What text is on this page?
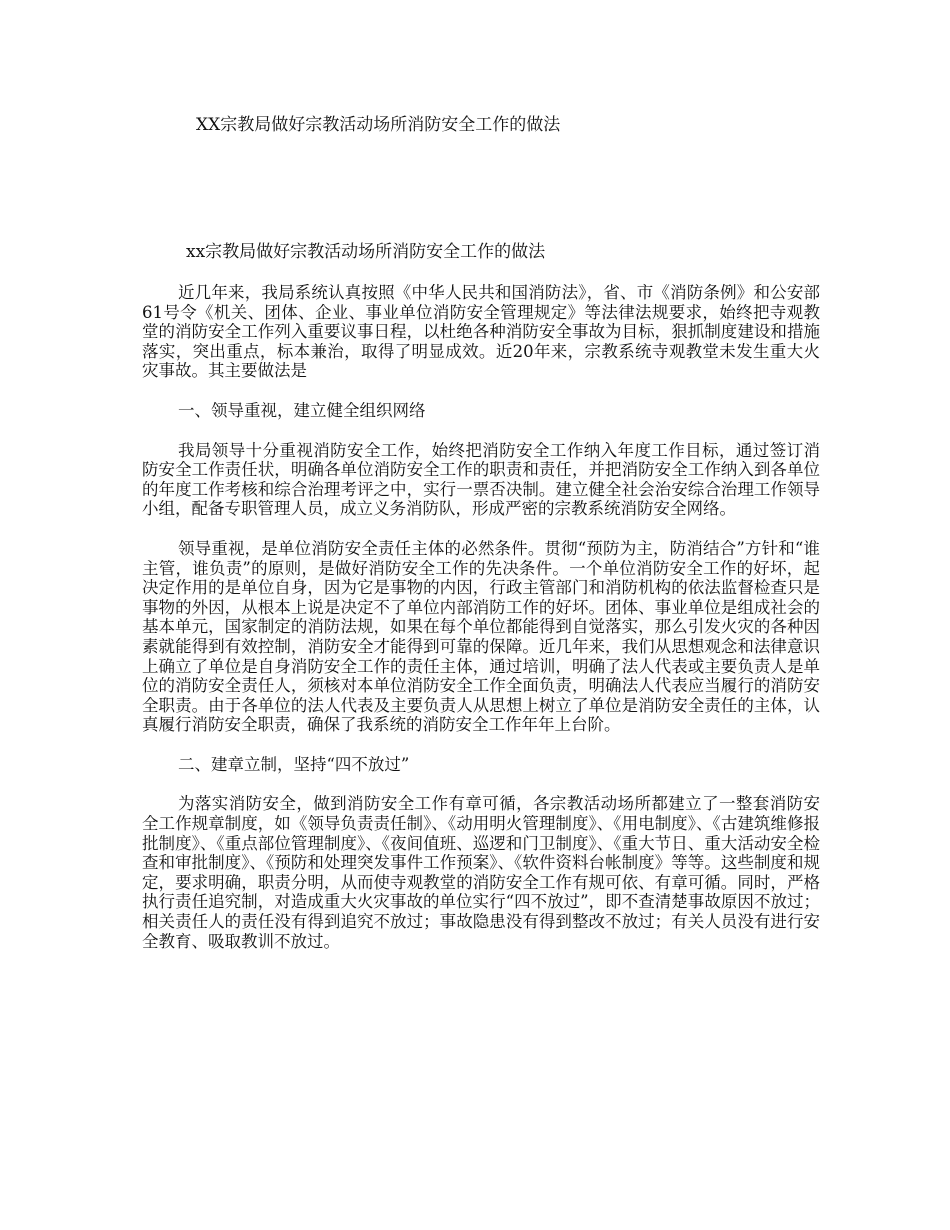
XX宗教局做好宗教活动场所消防安全工作的做法
xx宗教局做好宗教活动场所消防安全工作的做法

近几年来，我局系统认真按照《中华人民共和国消防法》，省、市《消防条例》和公安部61号令《机关、团体、企业、事业单位消防安全管理规定》等法律法规要求，始终把寺观教堂的消防安全工作列入重要议事日程，以杜绝各种消防安全事故为目标，狠抓制度建设和措施落实，突出重点，标本兼治，取得了明显成效。近20年来，宗教系统寺观教堂未发生重大火灾事故。其主要做法是

一、领导重视，建立健全组织网络

我局领导十分重视消防安全工作，始终把消防安全工作纳入年度工作目标，通过签订消防安全工作责任状，明确各单位消防安全工作的职责和责任，并把消防安全工作纳入到各单位的年度工作考核和综合治理考评之中，实行一票否决制。建立健全社会治安综合治理工作领导小组，配备专职管理人员，成立义务消防队，形成严密的宗教系统消防安全网络。

领导重视，是单位消防安全责任主体的必然条件。贯彻“预防为主，防消结合”方针和“谁主管，谁负责”的原则，是做好消防安全工作的先决条件。一个单位消防安全工作的好坏，起决定作用的是单位自身，因为它是事物的内因，行政主管部门和消防机构的依法监督检查只是事物的外因，从根本上说是决定不了单位内部消防工作的好坏。团体、事业单位是组成社会的基本单元，国家制定的消防法规，如果在每个单位都能得到自觉落实，那么引发火灾的各种因素就能得到有效控制，消防安全才能得到可靠的保障。近几年来，我们从思想观念和法律意识上确立了单位是自身消防安全工作的责任主体，通过培训，明确了法人代表或主要负责人是单位的消防安全责任人，须核对本单位消防安全工作全面负责，明确法人代表应当履行的消防安全职责。由于各单位的法人代表及主要负责人从思想上树立了单位是消防安全责任的主体，认真履行消防安全职责，确保了我系统的消防安全工作年年上台阶。

二、建章立制，坚持“四不放过”

为落实消防安全，做到消防安全工作有章可循，各宗教活动场所都建立了一整套消防安全工作规章制度，如《领导负责责任制》、《动用明火管理制度》、《用电制度》、《古建筑维修报批制度》、《重点部位管理制度》、《夜间值班、巡逻和门卫制度》、《重大节日、重大活动安全检查和审批制度》、《预防和处理突发事件工作预案》、《软件资料台帐制度》等等。这些制度和规定，要求明确，职责分明，从而使寺观教堂的消防安全工作有规可依、有章可循。同时，严格执行责任追究制，对造成重大火灾事故的单位实行“四不放过”，即不查清楚事故原因不放过；相关责任人的责任没有得到追究不放过；事故隐患没有得到整改不放过；有关人员没有进行安全教育、吸取教训不放过。
